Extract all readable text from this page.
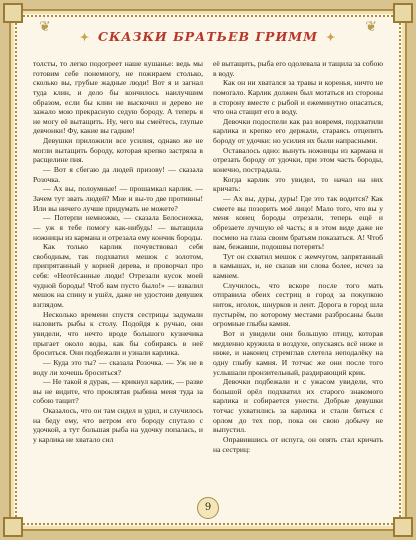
❦	❦
✦ СКАЗКИ БРАТЬЕВ ГРИММ ✦

толсты, то легко подогреет наше кушанье: ведь мы готовим себе понемногу, не пожираем столько, сколько вы, грубые жадные люди! Вот я и загнал туда клин, и дело бы кончилось наилучшим образом, если бы клин не выскочил и дерево не зажало мою прекрасную седую бороду. А теперь я не могу её вытащить. Ну, чего вы смеётесь, глупые девчонки! Фу, какие вы гадкие!

Девушки приложили все усилия, однако же не могли вытащить бороду, которая крепко застряла в расщелине пня.

— Вот я сбегаю да людей призову! — сказала Розочка.

— Ах вы, полоумные! — прошамкал карлик. — Зачем тут звать людей? Мне и вы-то две противны! Или вы ничего лучше придумать не можете?

— Потерпи немножко, — сказала Белоснежка, — уж я тебе помогу как-нибудь! — вытащила ножницы из кармана и отрезала ему кончик бороды.

Как только карлик почувствовал себя свободным, так подхватил мешок с золотом, припрятанный у корней дерева, и проворчал про себя: «Неотёсанные люди! Отрезали кусок моей чудной бороды! Чтоб вам пусто было!» — взвалил мешок на спину и ушёл, даже не удостоив девушек взглядом.

Несколько времени спустя сестрицы задумали наловить рыбы к столу. Подойдя к ручью, они увидели, что нечто вроде большого кузнечика прыгает около воды, как бы собираясь в неё броситься. Они подбежали и узнали карлика.

— Куда это ты? — сказала Розочка. — Уж не в воду ли хочешь броситься?

— Не такой я дурак, — крикнул карлик, — разве вы не видите, что проклятая рыбина меня туда за собою тащит?

Оказалось, что он там сидел и удил, и случилось на беду ему, что ветром его бороду спутало с удочкой, а тут большая рыба на удочку попалась, и у карлика не хватало сил

её вытащить, рыба его одолевала и тащила за собою в воду.

Как он ни хватался за травы и коренья, ничто не помогало. Карлик должен был мотаться из стороны в сторону вместе с рыбой и ежеминутно опасаться, что она стащит его в воду.

Девочки подоспели как раз вовремя, подхватили карлика и крепко его держали, стараясь отцепить бороду от удочки: но усилия их были напрасными.

Оставалось одно: вынуть ножницы из кармана и отрезать бороду от удочки, при этом часть бороды, конечно, пострадала.

Когда карлик это увидел, то начал на них кричать:

— Ах вы, дуры, дуры! Где это так водится? Как смеете вы позорить моё лицо! Мало того, что вы у меня конец бороды отрезали, теперь ещё и обрезаете лучшую её часть; я в этом виде даже не посмею на глаза своим братьям показаться. А! Чтоб вам, бежавши, подошвы потерять!

Тут он схватил мешок с жемчугом, запрятанный в камышах, и, не сказав ни слова более, исчез за камнем.

Случилось, что вскоре после того мать отправила обеих сестриц в город за покупкою ниток, иголок, шнурков и лент. Дорога в город шла пустырём, по которому местами разбросаны были огромные глыбы камня.

Вот и увидели они большую птицу, которая медленно кружила в воздухе, опускаясь всё ниже и ниже, и наконец стремглав слетела неподалёку на одну глыбу камня. И тотчас же они после того услышали пронзительный, раздирающий крик.

Девочки подбежали и с ужасом увидели, что большой орёл подхватил их старого знакомого карлика и собирается унести. Добрые девушки тотчас ухватились за карлика и стали биться с орлом до тех пор, пока он свою добычу не выпустил.

Оправившись от испуга, он опять стал кричать на сестриц:

9
